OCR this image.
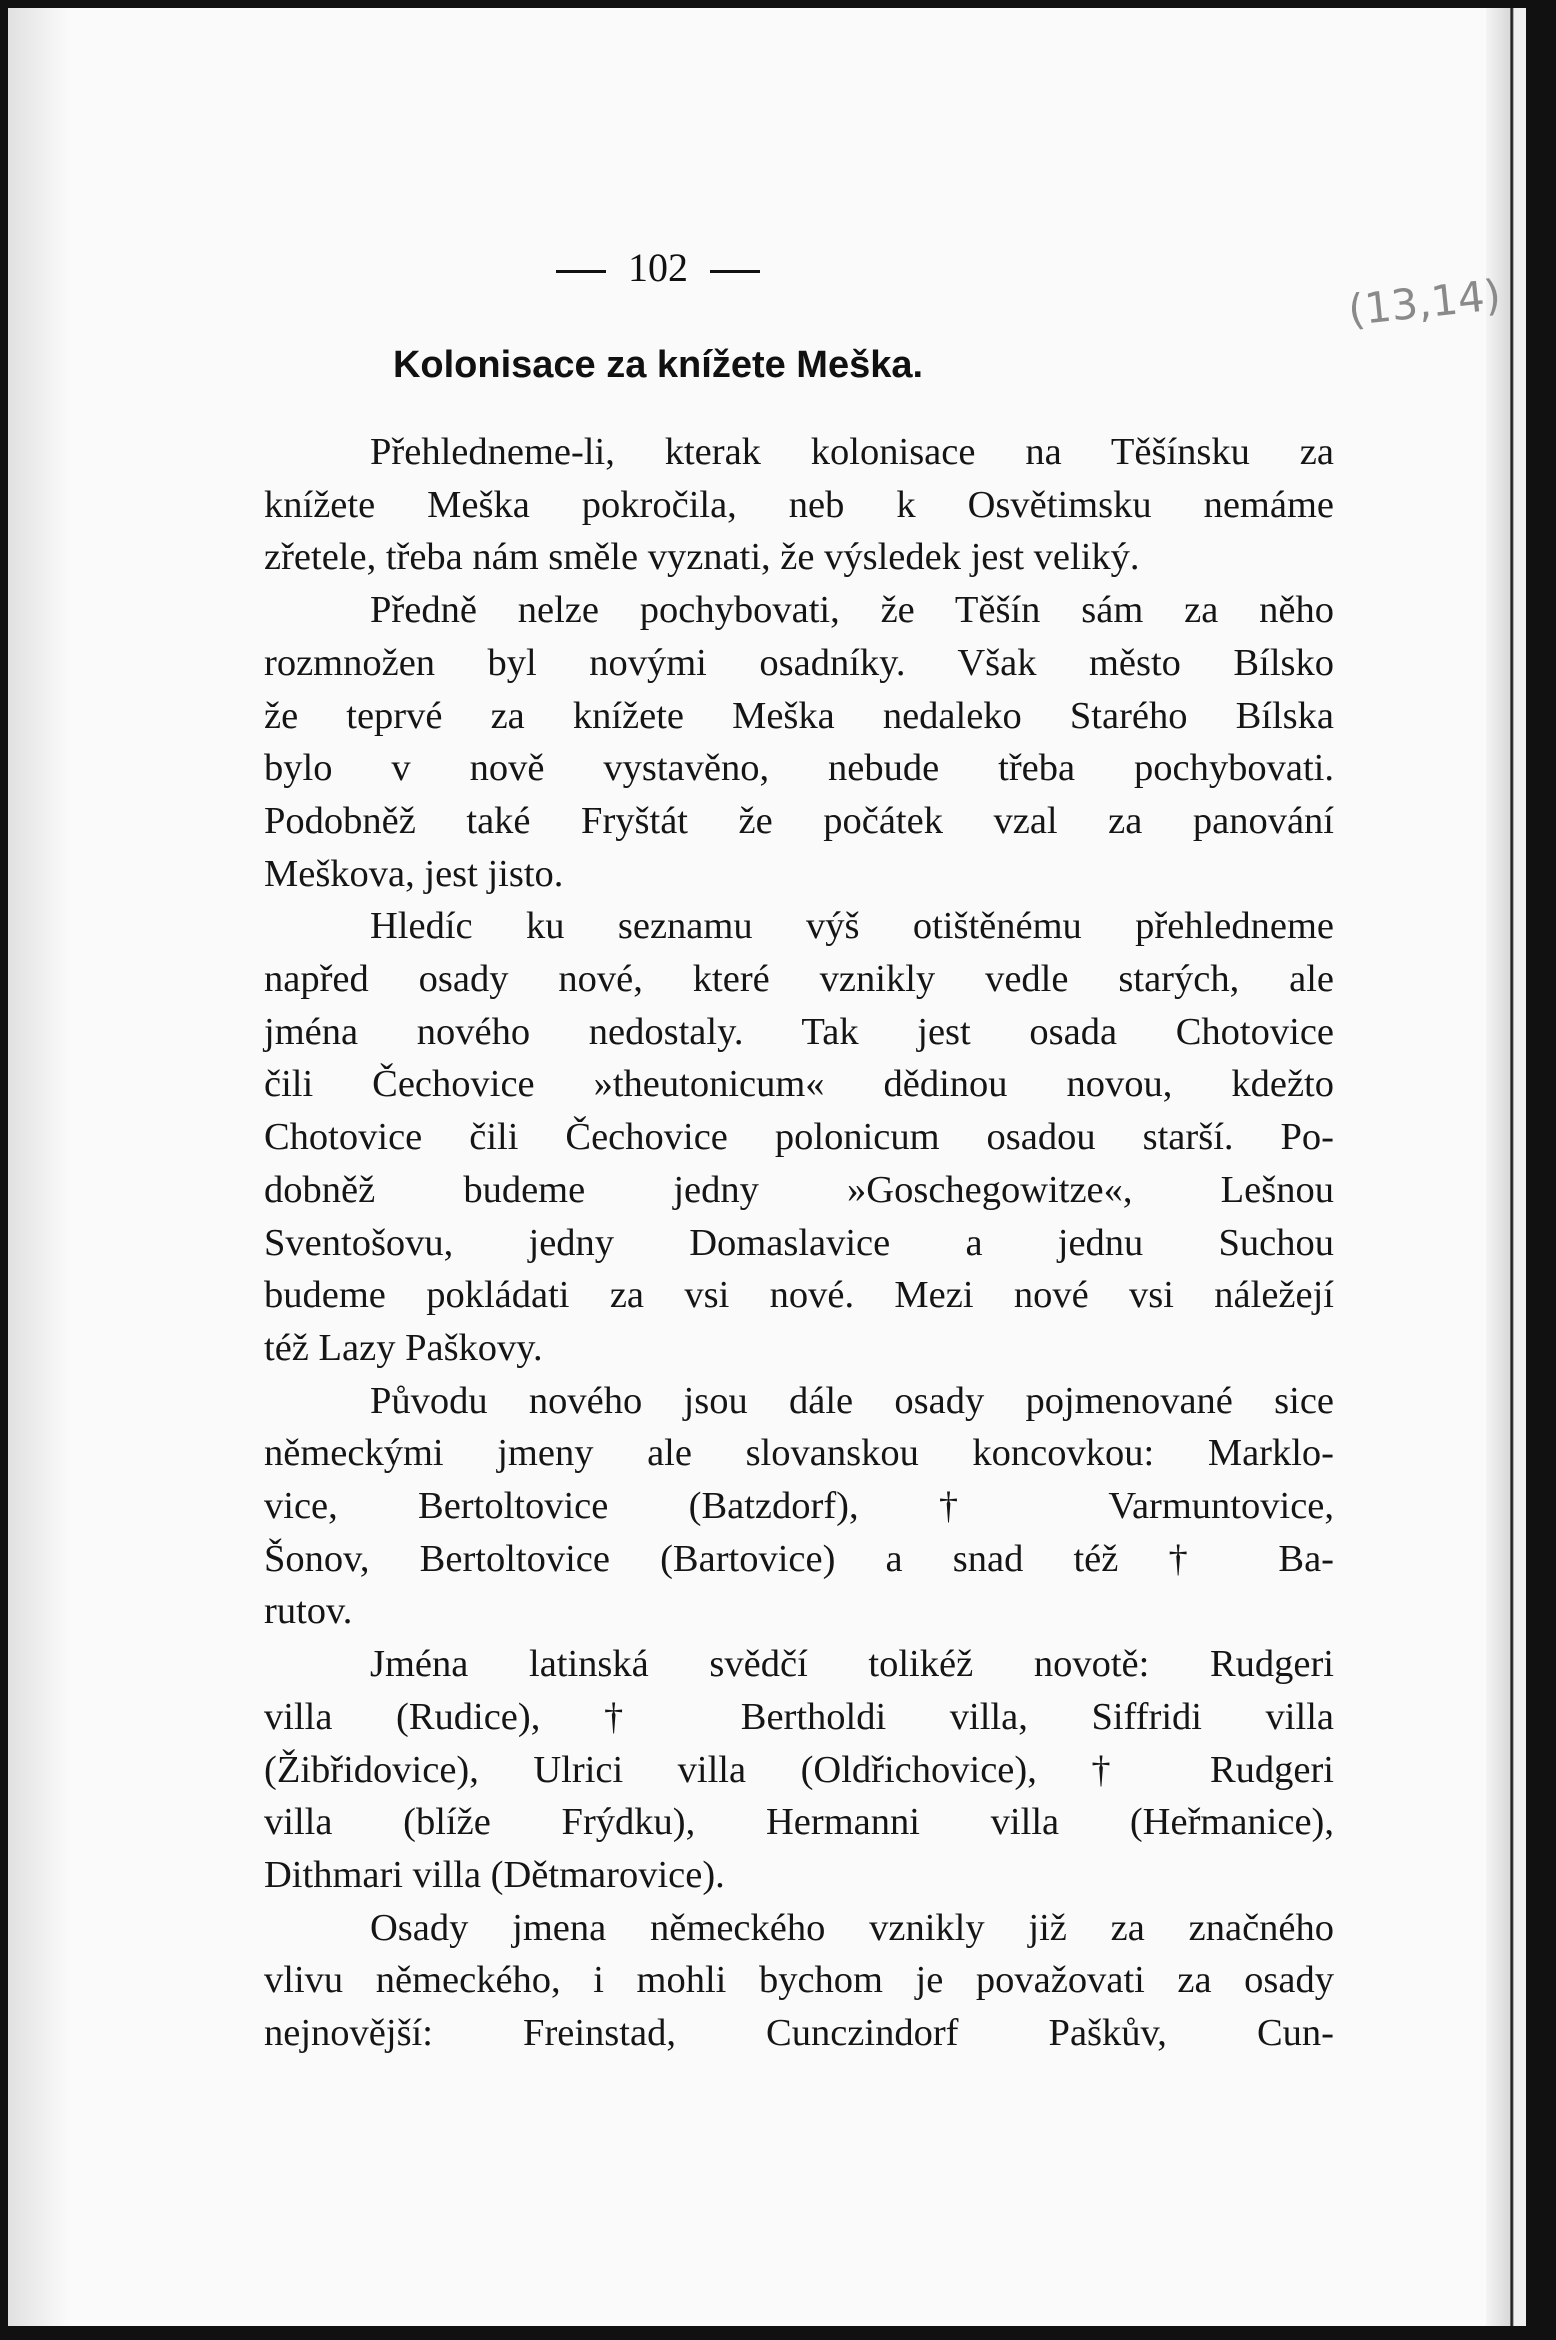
102
(13,14)
Kolonisace za knížete Meška.
Přehledneme-li, kterak kolonisace na Těšínsku za
knížete Meška pokročila, neb k Osvětimsku nemáme
zřetele, třeba nám směle vyznati, že výsledek jest veliký.
Předně nelze pochybovati, že Těšín sám za něho
rozmnožen byl novými osadníky. Však město Bílsko
že teprvé za knížete Meška nedaleko Starého Bílska
bylo v nově vystavěno, nebude třeba pochybovati.
Podobněž také Fryštát že počátek vzal za panování
Meškova, jest jisto.
Hledíc ku seznamu výš otištěnému přehledneme
napřed osady nové, které vznikly vedle starých, ale
jména nového nedostaly. Tak jest osada Chotovice
čili Čechovice »theutonicum« dědinou novou, kdežto
Chotovice čili Čechovice polonicum osadou starší. Po-
dobněž budeme jedny »Goschegowitze«, Lešnou
Sventošovu, jedny Domaslavice a jednu Suchou
budeme pokládati za vsi nové. Mezi nové vsi náležejí
též Lazy Paškovy.
Původu nového jsou dále osady pojmenované sice
německými jmeny ale slovanskou koncovkou: Marklo-
vice, Bertoltovice (Batzdorf), † Varmuntovice,
Šonov, Bertoltovice (Bartovice) a snad též † Ba-
rutov.
Jména latinská svědčí tolikéž novotě: Rudgeri
villa (Rudice), † Bertholdi villa, Siffridi villa
(Žibřidovice), Ulrici villa (Oldřichovice), † Rudgeri
villa (blíže Frýdku), Hermanni villa (Heřmanice),
Dithmari villa (Dětmarovice).
Osady jmena německého vznikly již za značného
vlivu německého, i mohli bychom je považovati za osady
nejnovější: Freinstad, Cunczindorf Paškův, Cun-
